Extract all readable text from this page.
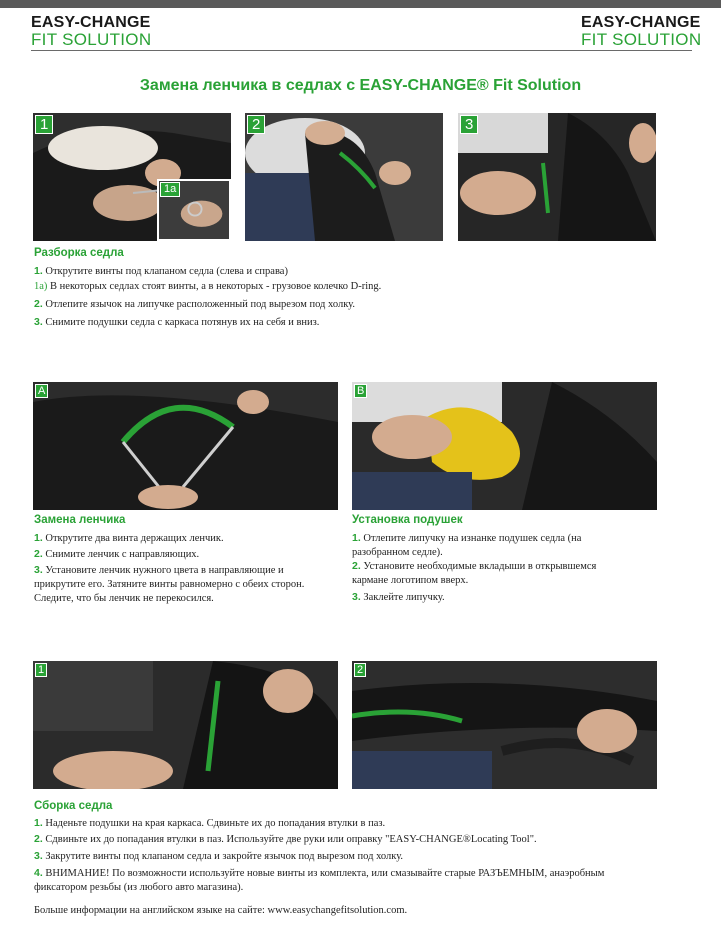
EASY-CHANGE
FIT SOLUTION
EASY-CHANGE
FIT SOLUTION
Замена ленчика в седлах с EASY-CHANGE® Fit Solution
1
1a
2	3
Разборка седла
1. Открутите винты под клапаном седла (слева и справа)
1a) В некоторых седлах стоят винты, а в некоторых - грузовое колечко D-ring.
2. Отлепите язычок на липучке расположенный под вырезом под холку.
3. Снимите подушки седла с каркаса потянув их на себя и вниз.
A	B
Замена ленчика
1. Открутите два винта держащих ленчик.
2. Снимите ленчик с направляющих.
3. Установите ленчик нужного цвета в направляющие и
прикрутите его. Затяните винты равномерно с обеих сторон.
Следите, что бы ленчик не перекосился.
Установка подушек
1. Отлепите липучку на изнанке подушек седла (на
разобранном седле).
2. Установите необходимые вкладыши в открывшемся
кармане логотипом вверх.
3. Заклейте липучку.
1	2
Сборка седла
1. Наденьте подушки на края каркаса. Сдвиньте их до попадания втулки в паз.
2. Сдвиньте их до попадания втулки в паз. Используйте две руки или оправку "EASY-CHANGE®Locating Tool".
3. Закрутите винты под клапаном седла и закройте язычок под вырезом под холку.
4. ВНИМАНИЕ! По возможности используйте новые винты из комплекта, или смазывайте старые РАЗЪЕМНЫМ, анаэробным
фиксатором резьбы (из любого авто магазина).
Больше информации на английском языке на сайте: www.easychangefitsolution.com.
